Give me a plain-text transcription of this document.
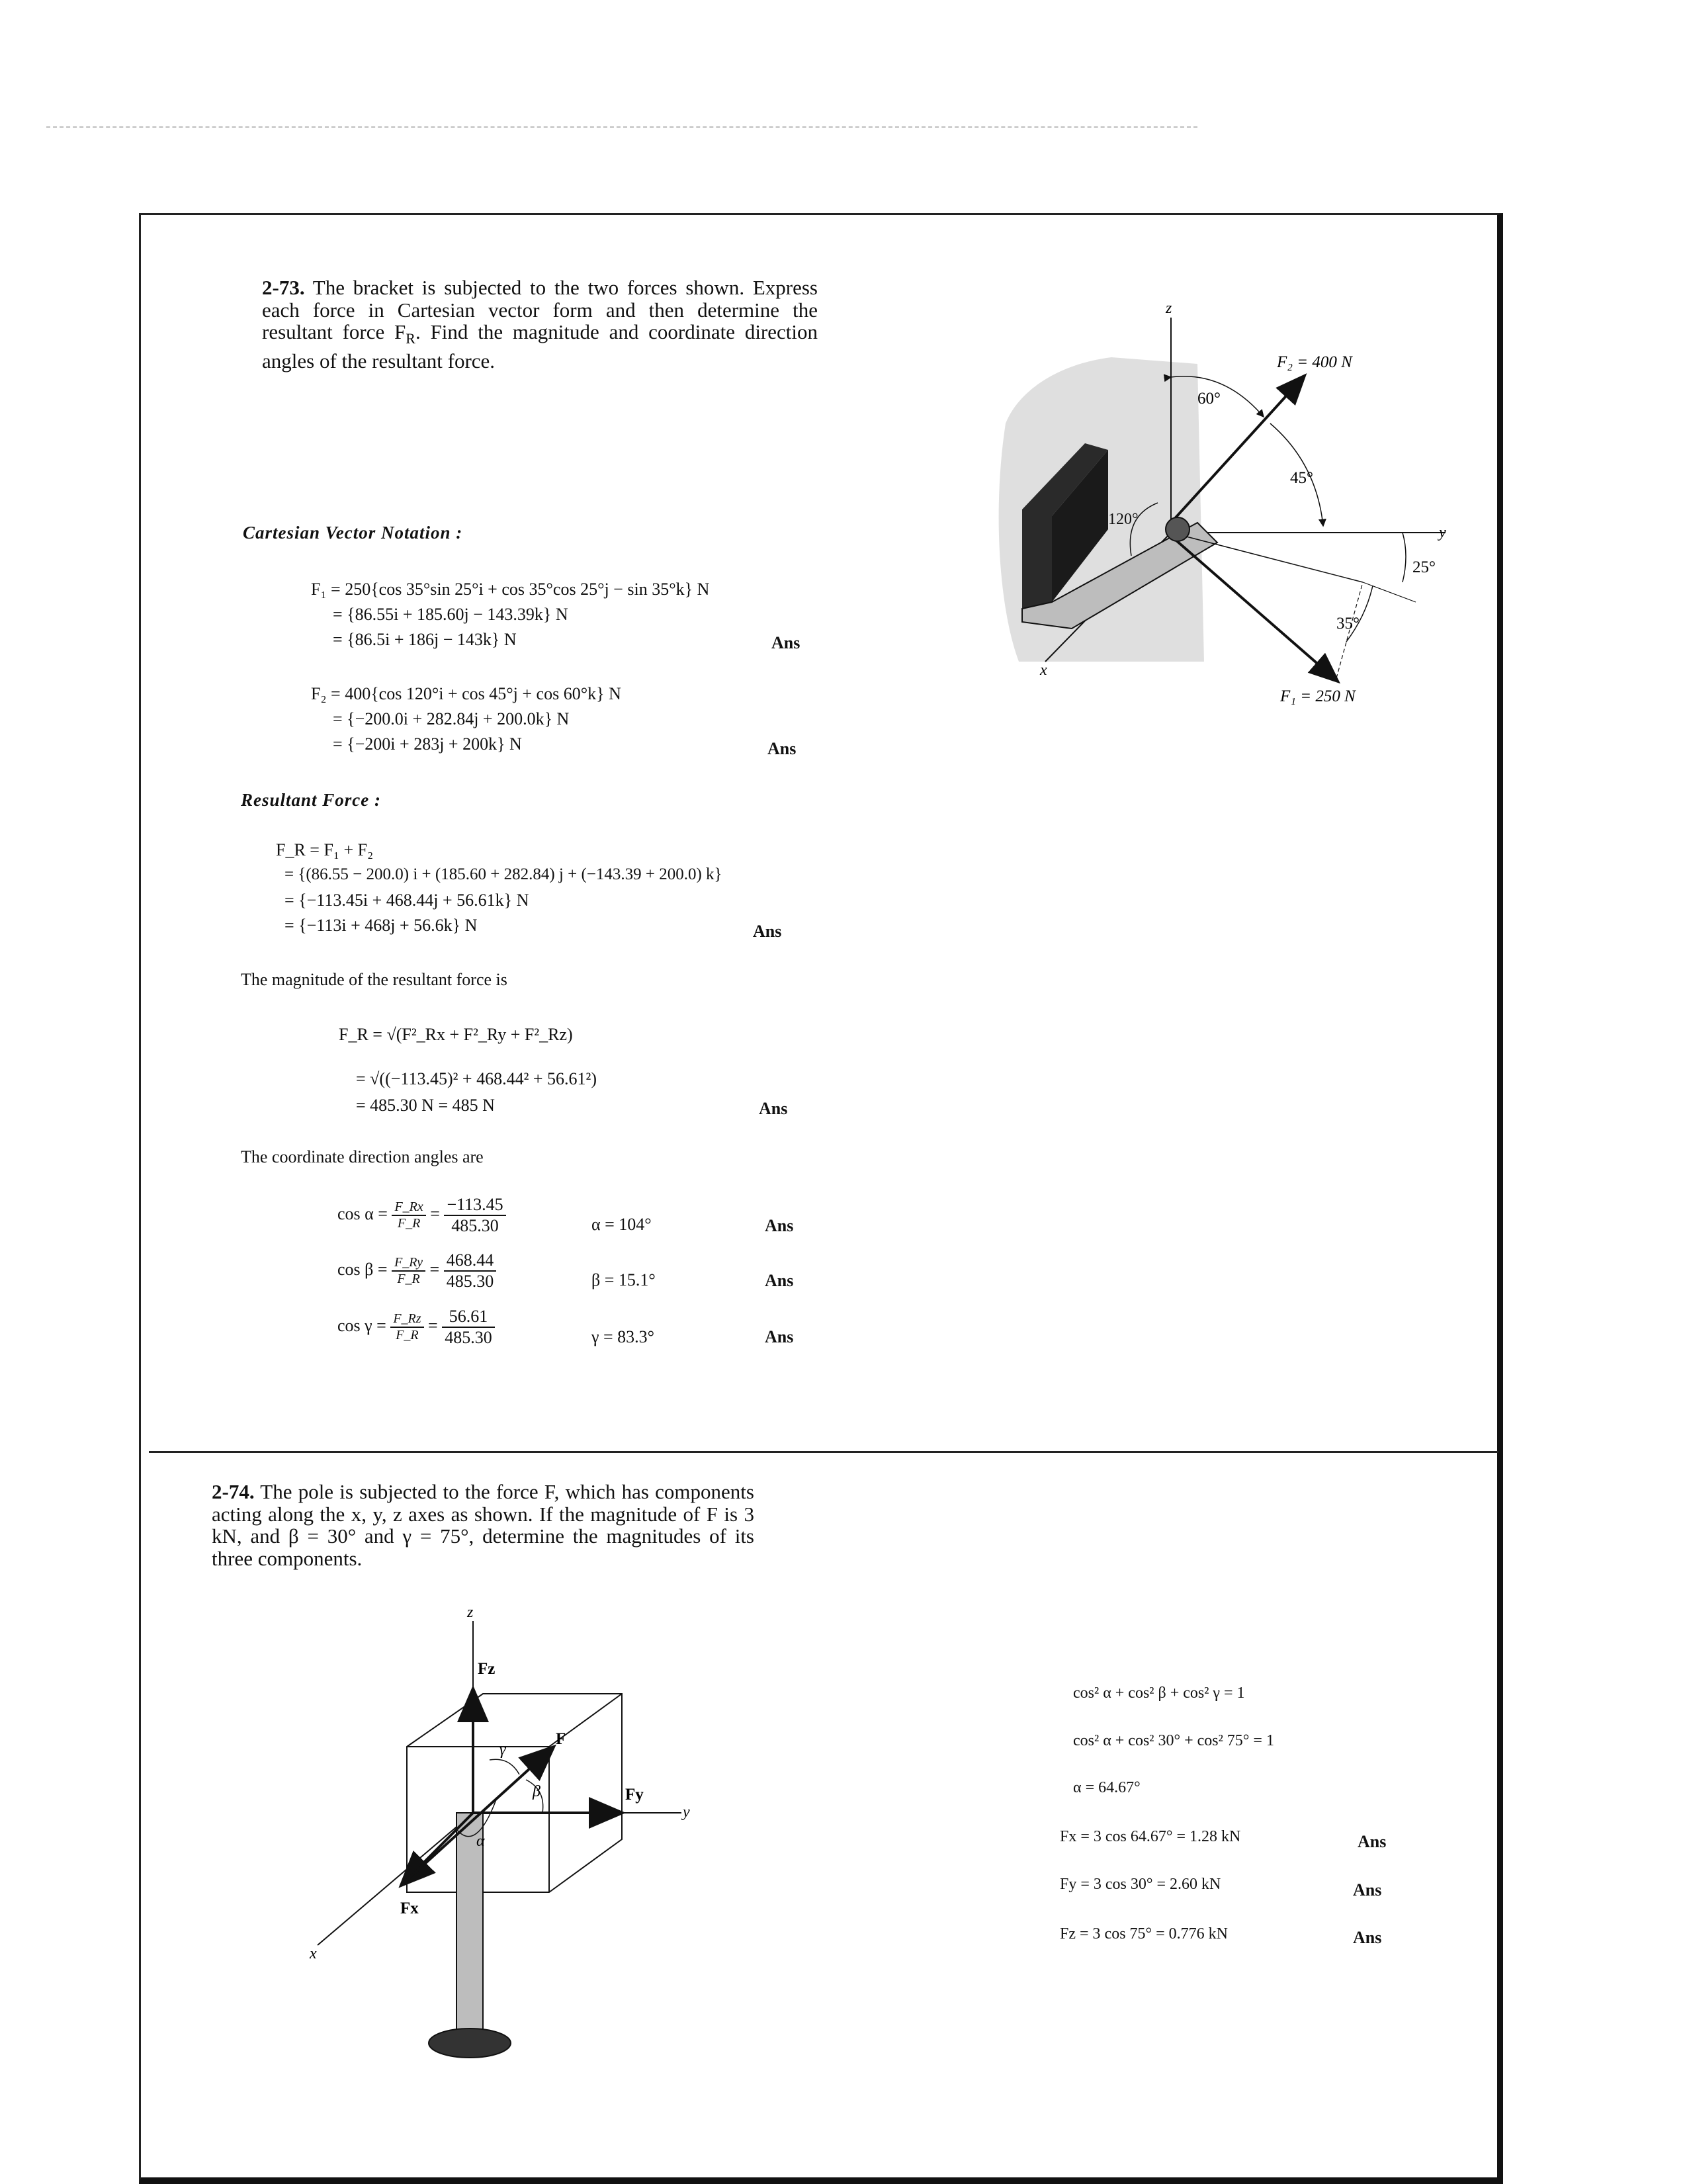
2-73. The bracket is subjected to the two forces shown. Express each force in Cartesian vector form and then determine the resultant force $F_R$. Find the magnitude and coordinate direction angles of the resultant force.
Cartesian Vector Notation :
F₁ = 250{cos 35°sin 25°i + cos 35°cos 25°j − sin 35°k} N
= {86.55i + 185.60j − 143.39k} N
= {86.5i + 186j − 143k} N	Ans
F₂ = 400{cos 120°i + cos 45°j + cos 60°k} N
= {−200.0i + 282.84j + 200.0k} N
= {−200i + 283j + 200k} N	Ans
Resultant Force :
F_R = F₁ + F₂
= {(86.55 − 200.0) i + (185.60 + 282.84) j + (−143.39 + 200.0) k}
= {−113.45i + 468.44j + 56.61k} N
= {−113i + 468j + 56.6k} N	Ans
The magnitude of the resultant force is
F_R = √(F²_Rx + F²_Ry + F²_Rz)
= √((−113.45)² + 468.44² + 56.61²)
= 485.30 N = 485 N	Ans
The coordinate direction angles are
$\cos \alpha = \frac{F\_Rx}{F\_R} = \frac{-113.45}{485.30}$	α = 104°	Ans
$\cos \beta = \frac{F\_Ry}{F\_R} = \frac{468.44}{485.30}$	β = 15.1°	Ans
$\cos \gamma = \frac{F\_Rz}{F\_R} = \frac{56.61}{485.30}$	γ = 83.3°	Ans
z
y
x
F₂ = 400 N
F₁ = 250 N
60°
45°
25°
35°
120°
2-74. The pole is subjected to the force F, which has components acting along the x, y, z axes as shown. If the magnitude of F is 3 kN, and β = 30° and γ = 75°, determine the magnitudes of its three components.
z
y
x
Fz
Fy
Fx
F
γ
β
α
cos² α + cos² β + cos² γ = 1
cos² α + cos² 30° + cos² 75° = 1
α = 64.67°
Fx = 3 cos 64.67° = 1.28 kN	Ans
Fy = 3 cos 30° = 2.60 kN	Ans
Fz = 3 cos 75° = 0.776 kN	Ans
